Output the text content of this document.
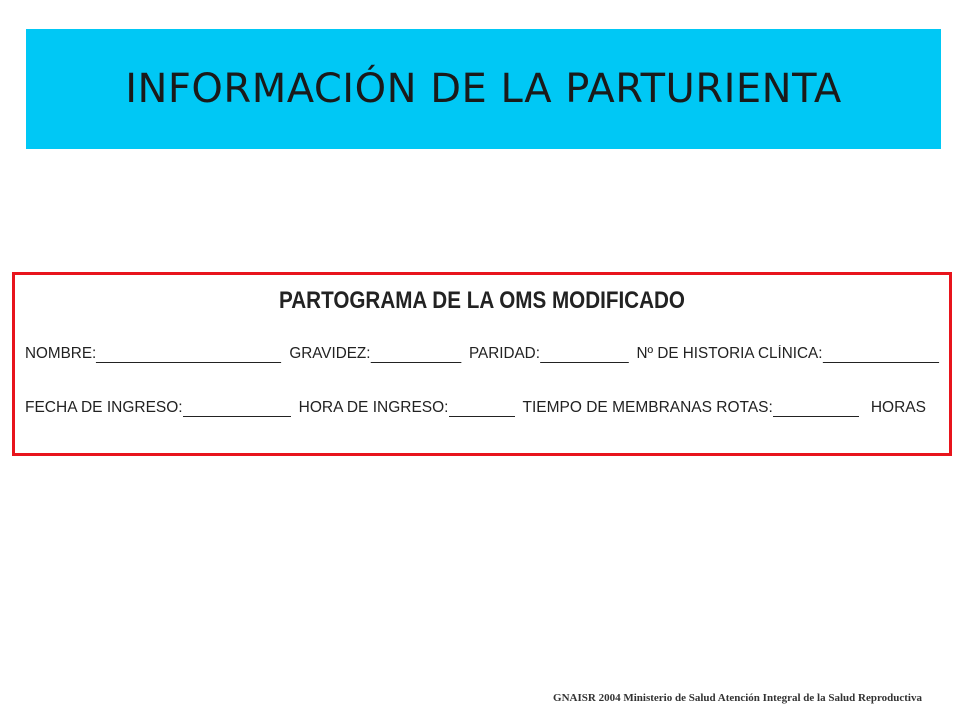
INFORMACIÓN DE LA PARTURIENTA
PARTOGRAMA DE LA OMS MODIFICADO
NOMBRE:	GRAVIDEZ:	PARIDAD:	Nº DE HISTORIA CLÍNICA:
FECHA DE INGRESO:	HORA DE INGRESO:	TIEMPO DE MEMBRANAS ROTAS:	HORAS
GNAISR 2004 Ministerio de Salud Atención Integral de la Salud Reproductiva
